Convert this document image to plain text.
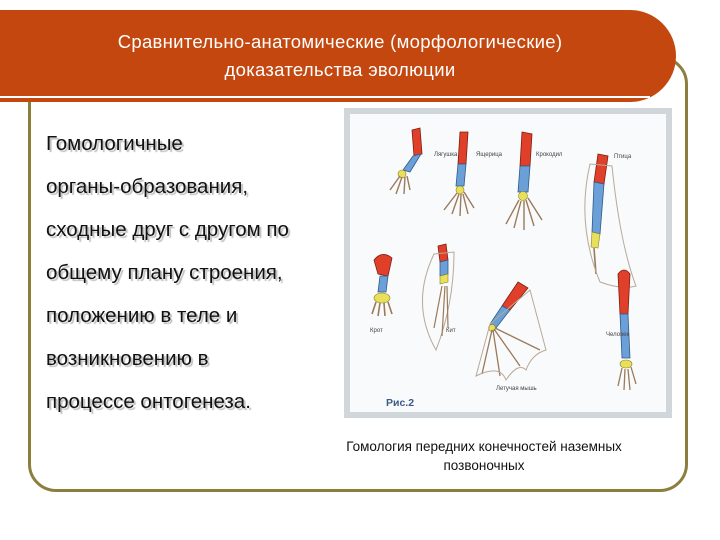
Сравнительно-анатомические (морфологические)
доказательства эволюции
Гомологичные
органы-образования,
сходные друг с другом по
общему плану строения,
положению в теле и
возникновению в
процессе онтогенеза.
Лягушка	Ящерица	Крокодил	Птица
Крот	Кит
Летучая мышь
Человек
Рис.2
Гомология передних конечностей наземных
позвоночных
